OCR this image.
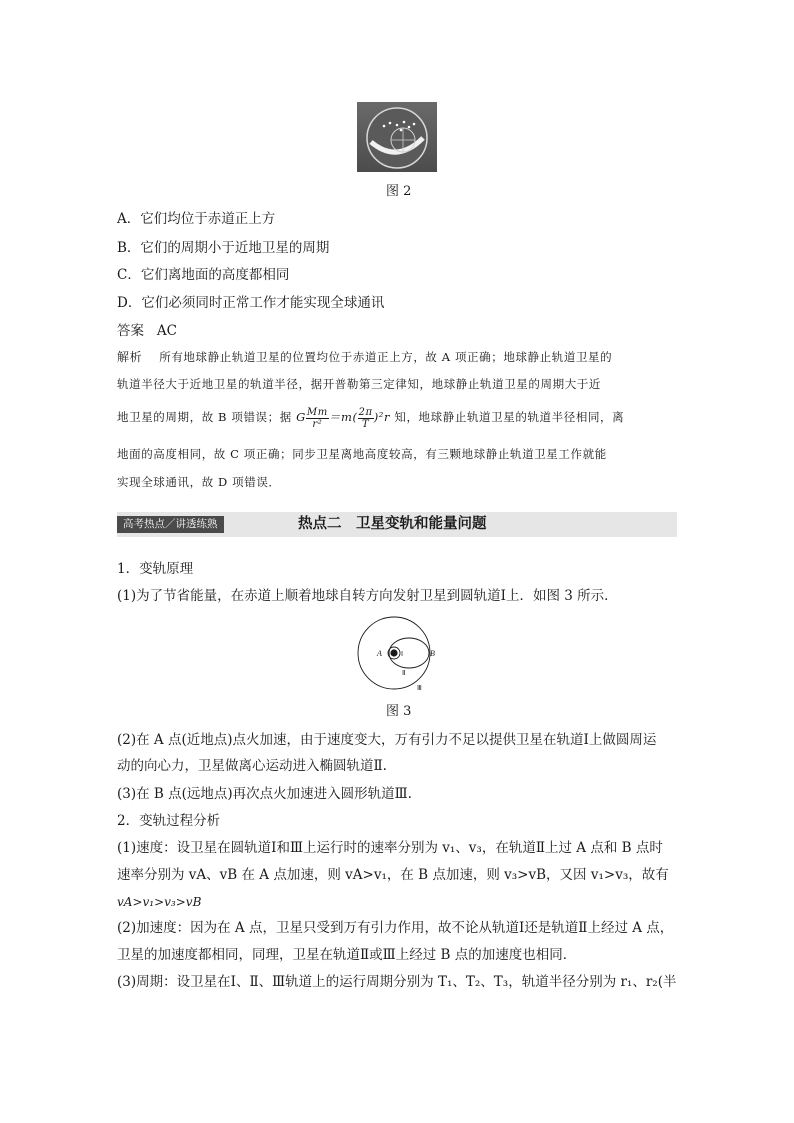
图 2
A．它们均位于赤道正上方
B．它们的周期小于近地卫星的周期
C．它们离地面的高度都相同
D．它们必须同时正常工作才能实现全球通讯
答案 AC
解析 所有地球静止轨道卫星的位置均位于赤道正上方，故 A 项正确；地球静止轨道卫星的
轨道半径大于近地卫星的轨道半径，据开普勒第三定律知，地球静止轨道卫星的周期大于近
地卫星的周期，故 B 项错误；据 G $\frac{Mm}{\text{r²}} =m( \frac{2\pi}{T} )^2r$ 知，地球静止轨道卫星的轨道半径相同，离
地面的高度相同，故 C 项正确；同步卫星离地高度较高，有三颗地球静止轨道卫星工作就能
实现全球通讯，故 D 项错误．
高考热点／讲透练熟	热点二　卫星变轨和能量问题
1．变轨原理
(1)为了节省能量，在赤道上顺着地球自转方向发射卫星到圆轨道Ⅰ上．如图 3 所示．
A	Ⅰ	B
Ⅱ
Ⅲ
图 3
(2)在 A 点(近地点)点火加速，由于速度变大，万有引力不足以提供卫星在轨道Ⅰ上做圆周运
动的向心力，卫星做离心运动进入椭圆轨道Ⅱ.
(3)在 B 点(远地点)再次点火加速进入圆形轨道Ⅲ.
2．变轨过程分析
(1)速度：设卫星在圆轨道Ⅰ和Ⅲ上运行时的速率分别为 v₁、v₃，在轨道Ⅱ上过 A 点和 B 点时
速率分别为 vA、vB 在 A 点加速，则 vA>v₁，在 B 点加速，则 v₃>vB，又因 v₁>v₃，故有
vA>v₁>v₃>vB
(2)加速度：因为在 A 点，卫星只受到万有引力作用，故不论从轨道Ⅰ还是轨道Ⅱ上经过 A 点，
卫星的加速度都相同，同理，卫星在轨道Ⅱ或Ⅲ上经过 B 点的加速度也相同．
(3)周期：设卫星在Ⅰ、Ⅱ、Ⅲ轨道上的运行周期分别为 T₁、T₂、T₃，轨道半径分别为 r₁、r₂(半
